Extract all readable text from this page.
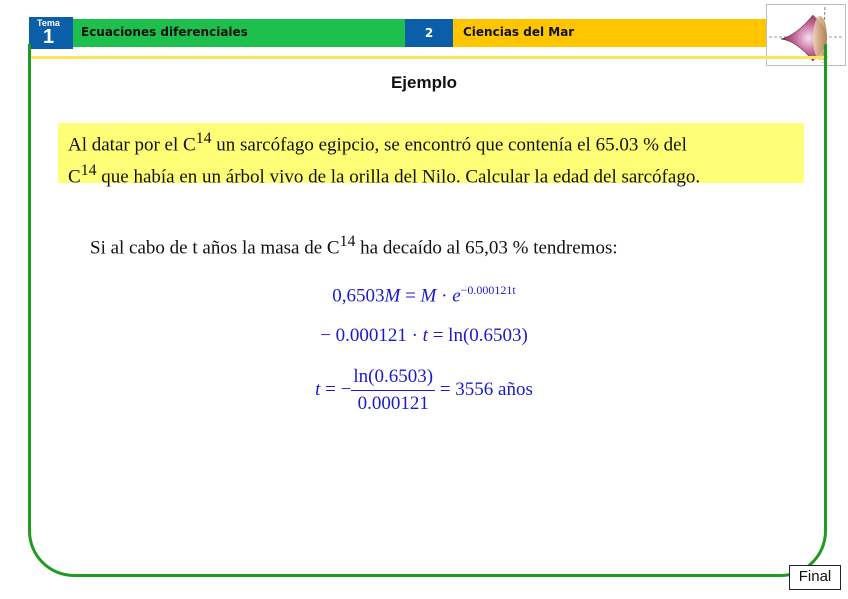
Tema
1 Ecuaciones diferenciales	2	Ciencias del Mar
Ejemplo
Al datar por el $C^{14}$ un sarcófago egipcio, se encontró que contenía el 65.03 % del
$C^{14}$ que había en un árbol vivo de la orilla del Nilo. Calcular la edad del sarcófago.
Si al cabo de t años la masa de $C^{14}$ ha decaído al 65,03 % tendremos:
$0,6503M = M \cdot e^{-0.000121t}$
− 0.000121 · t = ln(0.6503)
t = − $\frac{\ln(0.6503)}{0.000121} = 3556$ años
Final
